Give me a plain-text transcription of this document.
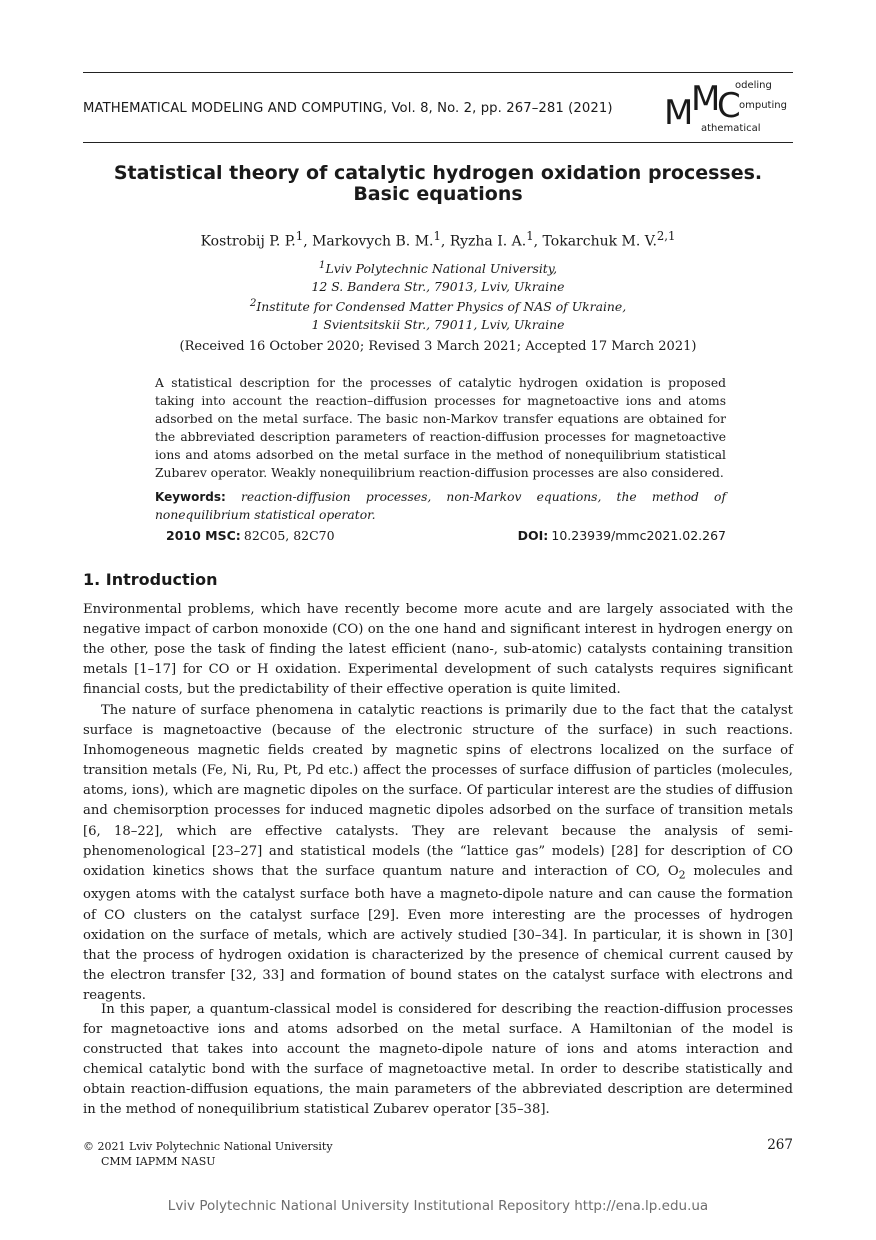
MATHEMATICAL MODELING AND COMPUTING, Vol. 8, No. 2, pp. 267–281 (2021) M
M
C
odeling
omputing
athematical
Statistical theory of catalytic hydrogen oxidation processes.
Basic equations
Kostrobij P. P.$^1$, Markovych B. M.$^1$, Ryzha I. A.$^1$, Tokarchuk M. V.$^{2,1}$
$^1$Lviv Polytechnic National University,
12 S. Bandera Str., 79013, Lviv, Ukraine
$^2$Institute for Condensed Matter Physics of NAS of Ukraine,
1 Svientsitskii Str., 79011, Lviv, Ukraine
(Received 16 October 2020; Revised 3 March 2021; Accepted 17 March 2021)
A statistical description for the processes of catalytic hydrogen oxidation is proposed taking into account the reaction–diffusion processes for magnetoactive ions and atoms adsorbed on the metal surface. The basic non-Markov transfer equations are obtained for the abbreviated description parameters of reaction-diffusion processes for magnetoactive ions and atoms adsorbed on the metal surface in the method of nonequilibrium statistical Zubarev operator. Weakly nonequilibrium reaction-diffusion processes are also considered.
Keywords: reaction-diffusion processes, non-Markov equations, the method of nonequilibrium statistical operator.
2010 MSC: 82C05, 82C70	DOI: 10.23939/mmc2021.02.267
1. Introduction

Environmental problems, which have recently become more acute and are largely associated with the negative impact of carbon monoxide (CO) on the one hand and significant interest in hydrogen energy on the other, pose the task of finding the latest efficient (nano-, sub-atomic) catalysts containing transition metals [1–17] for CO or H oxidation. Experimental development of such catalysts requires significant financial costs, but the predictability of their effective operation is quite limited.

The nature of surface phenomena in catalytic reactions is primarily due to the fact that the catalyst surface is magnetoactive (because of the electronic structure of the surface) in such reactions. Inhomogeneous magnetic fields created by magnetic spins of electrons localized on the surface of transition metals (Fe, Ni, Ru, Pt, Pd etc.) affect the processes of surface diffusion of particles (molecules, atoms, ions), which are magnetic dipoles on the surface. Of particular interest are the studies of diffusion and chemisorption processes for induced magnetic dipoles adsorbed on the surface of transition metals [6, 18–22], which are effective catalysts. They are relevant because the analysis of semi-phenomenological [23–27] and statistical models (the “lattice gas” models) [28] for description of CO oxidation kinetics shows that the surface quantum nature and interaction of CO, $O_2$ molecules and oxygen atoms with the catalyst surface both have a magneto-dipole nature and can cause the formation of CO clusters on the catalyst surface [29]. Even more interesting are the processes of hydrogen oxidation on the surface of metals, which are actively studied [30–34]. In particular, it is shown in [30] that the process of hydrogen oxidation is characterized by the presence of chemical current caused by the electron transfer [32, 33] and formation of bound states on the catalyst surface with electrons and reagents.

In this paper, a quantum-classical model is considered for describing the reaction-diffusion processes for magnetoactive ions and atoms adsorbed on the metal surface. A Hamiltonian of the model is constructed that takes into account the magneto-dipole nature of ions and atoms interaction and chemical catalytic bond with the surface of magnetoactive metal. In order to describe statistically and obtain reaction-diffusion equations, the main parameters of the abbreviated description are determined in the method of nonequilibrium statistical Zubarev operator [35–38].

© 2021 Lviv Polytechnic National University
CMM IAPMM NASU
267
Lviv Polytechnic National University Institutional Repository http://ena.lp.edu.ua
